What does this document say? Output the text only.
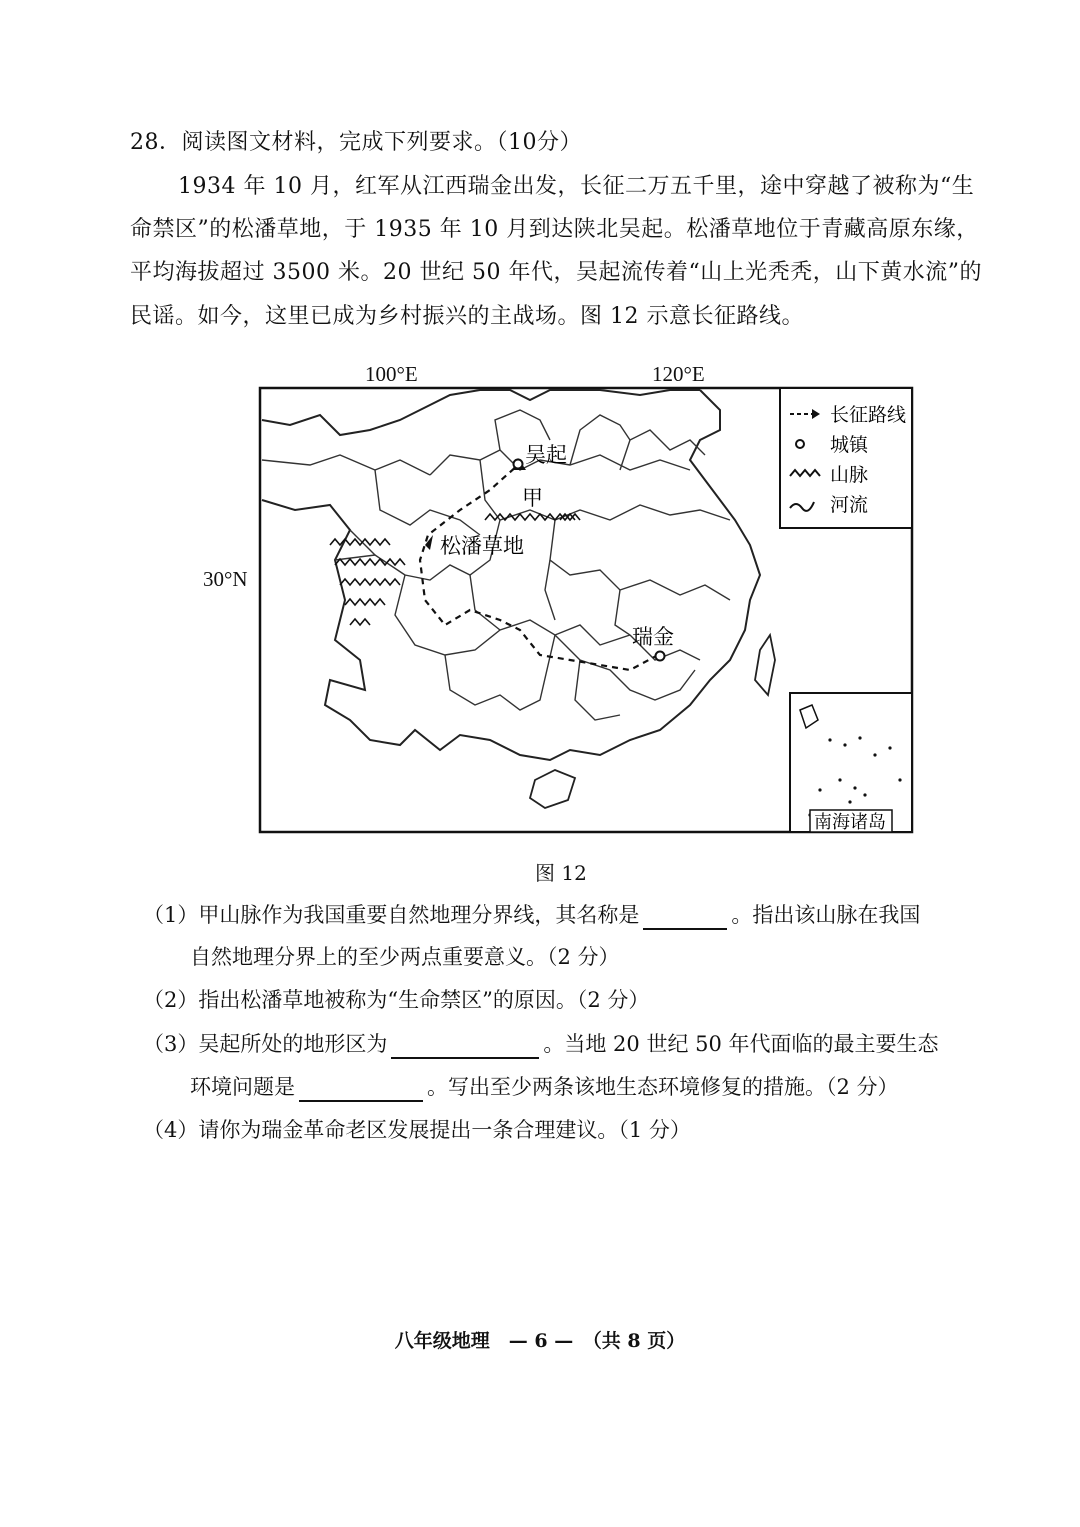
28．阅读图文材料，完成下列要求。（10分）
1934 年 10 月，红军从江西瑞金出发，长征二万五千里，途中穿越了被称为“生
命禁区”的松潘草地，于 1935 年 10 月到达陕北吴起。松潘草地位于青藏高原东缘，
平均海拔超过 3500 米。20 世纪 50 年代，吴起流传着“山上光秃秃，山下黄水流”的
民谣。如今，这里已成为乡村振兴的主战场。图 12 示意长征路线。
100°E	120°E
30°N
吴起
甲
松潘草地
瑞金
长征路线
城镇
山脉
河流
南海诸岛
图 12
（1）甲山脉作为我国重要自然地理分界线，其名称是	。指出该山脉在我国
自然地理分界上的至少两点重要意义。（2 分）
（2）指出松潘草地被称为“生命禁区”的原因。（2 分）
（3）吴起所处的地形区为	。当地 20 世纪 50 年代面临的最主要生态
环境问题是	。写出至少两条该地生态环境修复的措施。（2 分）
（4）请你为瑞金革命老区发展提出一条合理建议。（1 分）
八年级地理　— 6 —　（共 8 页）
